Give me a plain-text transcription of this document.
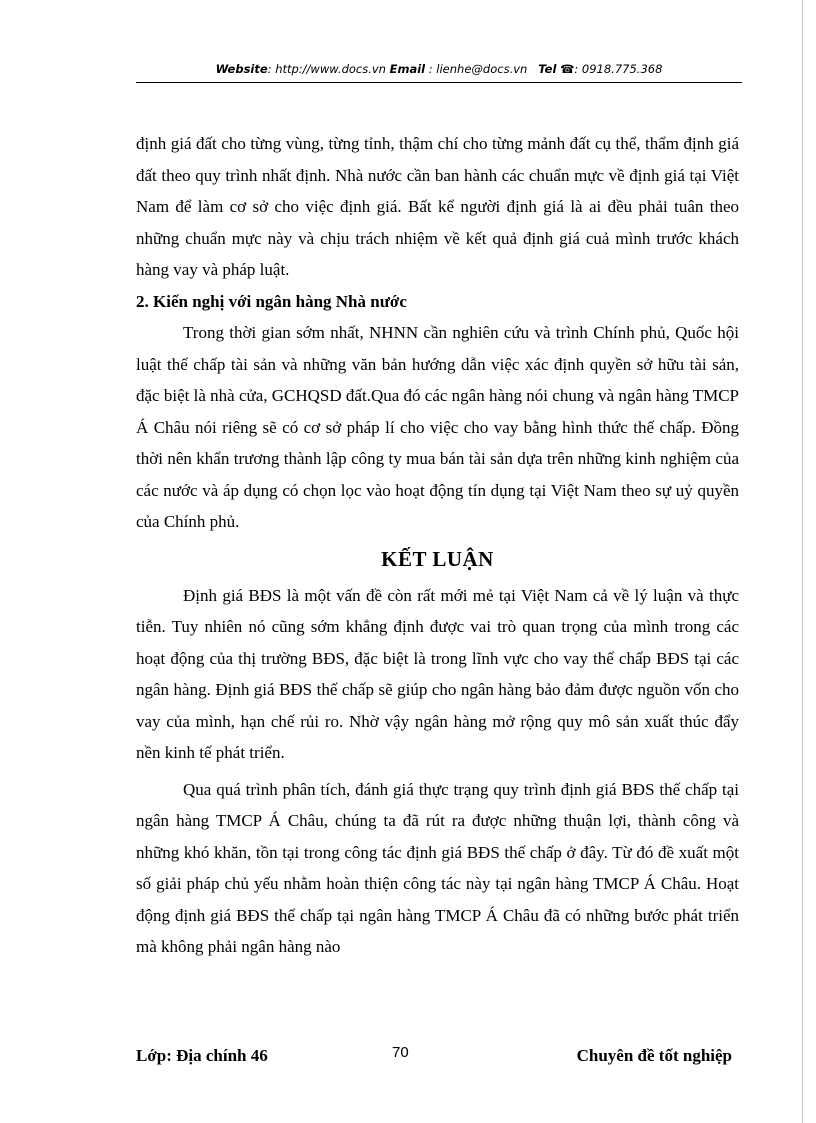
Website: http://www.docs.vn Email : lienhe@docs.vn Tel ☎: 0918.775.368

định giá đất cho từng vùng, từng tỉnh, thậm chí cho từng mảnh đất cụ thể, thẩm định giá đất theo quy trình nhất định. Nhà nước cần ban hành các chuẩn mực về định giá tại Việt Nam để làm cơ sở cho việc định giá. Bất kể người định giá là ai đều phải tuân theo những chuẩn mực này và chịu trách nhiệm về kết quả định giá cuả mình trước khách hàng vay và pháp luật.

2. Kiến nghị với ngân hàng Nhà nước

Trong thời gian sớm nhất, NHNN cần nghiên cứu và trình Chính phủ, Quốc hội luật thế chấp tài sản và những văn bản hướng dẫn việc xác định quyền sở hữu tài sản, đặc biệt là nhà cửa, GCHQSD đất.Qua đó các ngân hàng nói chung và ngân hàng TMCP Á Châu nói riêng sẽ có cơ sở pháp lí cho việc cho vay bằng hình thức thế chấp. Đồng thời nên khẩn trương thành lập công ty mua bán tài sản dựa trên những kinh nghiệm của các nước và áp dụng có chọn lọc vào hoạt động tín dụng tại Việt Nam theo sự uỷ quyền của Chính phủ.

KẾT LUẬN

Định giá BĐS là một vấn đề còn rất mới mẻ tại Việt Nam cả về lý luận và thực tiễn. Tuy nhiên nó cũng sớm khẳng định được vai trò quan trọng của mình trong các hoạt động của thị trường BĐS, đặc biệt là trong lĩnh vực cho vay thế chấp BĐS tại các ngân hàng. Định giá BĐS thế chấp sẽ giúp cho ngân hàng bảo đảm được nguồn vốn cho vay của mình, hạn chế rủi ro. Nhờ vậy ngân hàng mở rộng quy mô sản xuất thúc đẩy nền kinh tế phát triển.

Qua quá trình phân tích, đánh giá thực trạng quy trình định giá BĐS thế chấp tại ngân hàng TMCP Á Châu, chúng ta đã rút ra được những thuận lợi, thành công và những khó khăn, tồn tại trong công tác định giá BĐS thế chấp ở đây. Từ đó đề xuất một số giải pháp chủ yếu nhằm hoàn thiện công tác này tại ngân hàng TMCP Á Châu. Hoạt động định giá BĐS thế chấp tại ngân hàng TMCP Á Châu đã có những bước phát triển mà không phải ngân hàng nào

Lớp: Địa chính 46	70	Chuyên đề tốt nghiệp
